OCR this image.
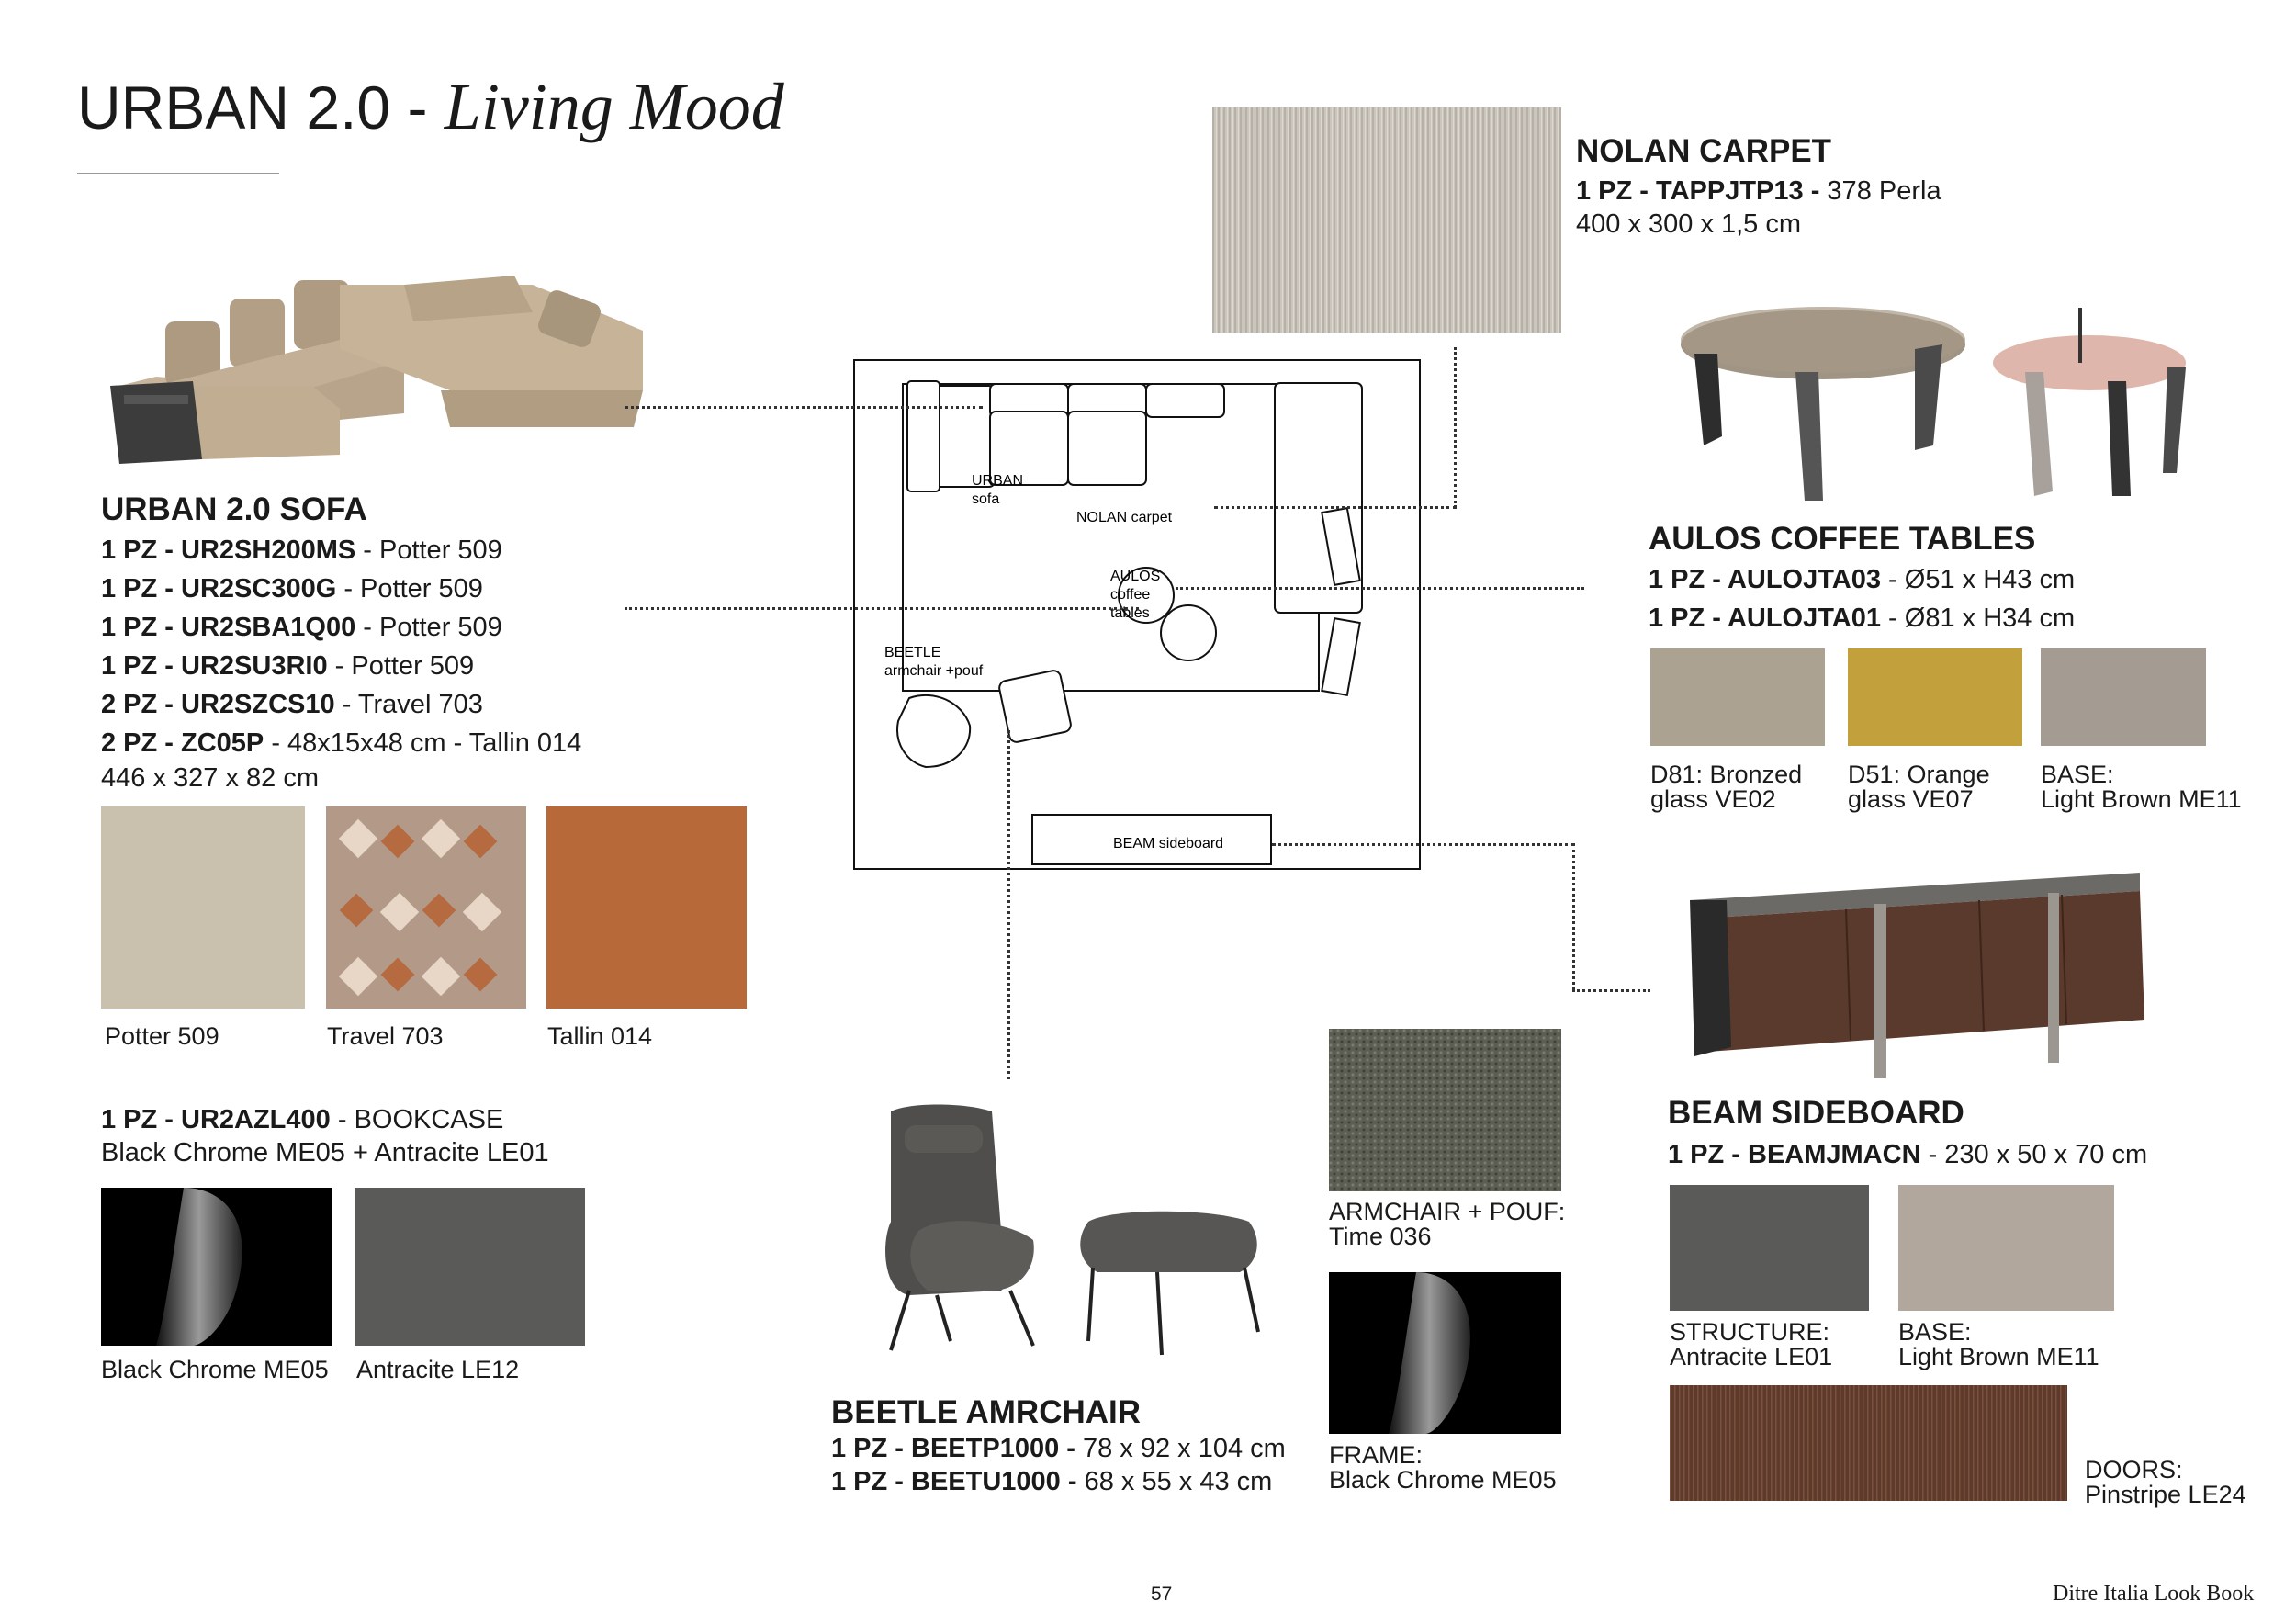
URBAN 2.0 - Living Mood
URBAN 2.0 SOFA
1 PZ - UR2SH200MS - Potter 509
1 PZ - UR2SC300G - Potter 509
1 PZ - UR2SBA1Q00 - Potter 509
1 PZ - UR2SU3RI0 - Potter 509
2 PZ - UR2SZCS10 - Travel 703
2 PZ - ZC05P - 48x15x48 cm - Tallin 014
446 x 327 x 82 cm
Potter 509	Travel 703	Tallin 014
1 PZ - UR2AZL400 - BOOKCASE
Black Chrome ME05 + Antracite LE01
Black Chrome ME05 Antracite LE12
URBAN
sofa
NOLAN carpet
AULOS
coffee
tables
BEETLE
armchair +pouf
BEAM sideboard
NOLAN CARPET
1 PZ - TAPPJTP13 - 378 Perla
400 x 300 x 1,5 cm
AULOS COFFEE TABLES
1 PZ - AULOJTA03 - Ø51 x H43 cm
1 PZ - AULOJTA01 - Ø81 x H34 cm
D81: Bronzed
glass VE02
D51: Orange
glass VE07
BASE:
Light Brown ME11
BEAM SIDEBOARD
1 PZ - BEAMJMACN - 230 x 50 x 70 cm
STRUCTURE:
Antracite LE01
BASE:
Light Brown ME11
DOORS:
Pinstripe LE24
BEETLE AMRCHAIR
1 PZ - BEETP1000 - 78 x 92 x 104 cm
1 PZ - BEETU1000 - 68 x 55 x 43 cm
ARMCHAIR + POUF:
Time 036
FRAME:
Black Chrome ME05
57	Ditre Italia Look Book
